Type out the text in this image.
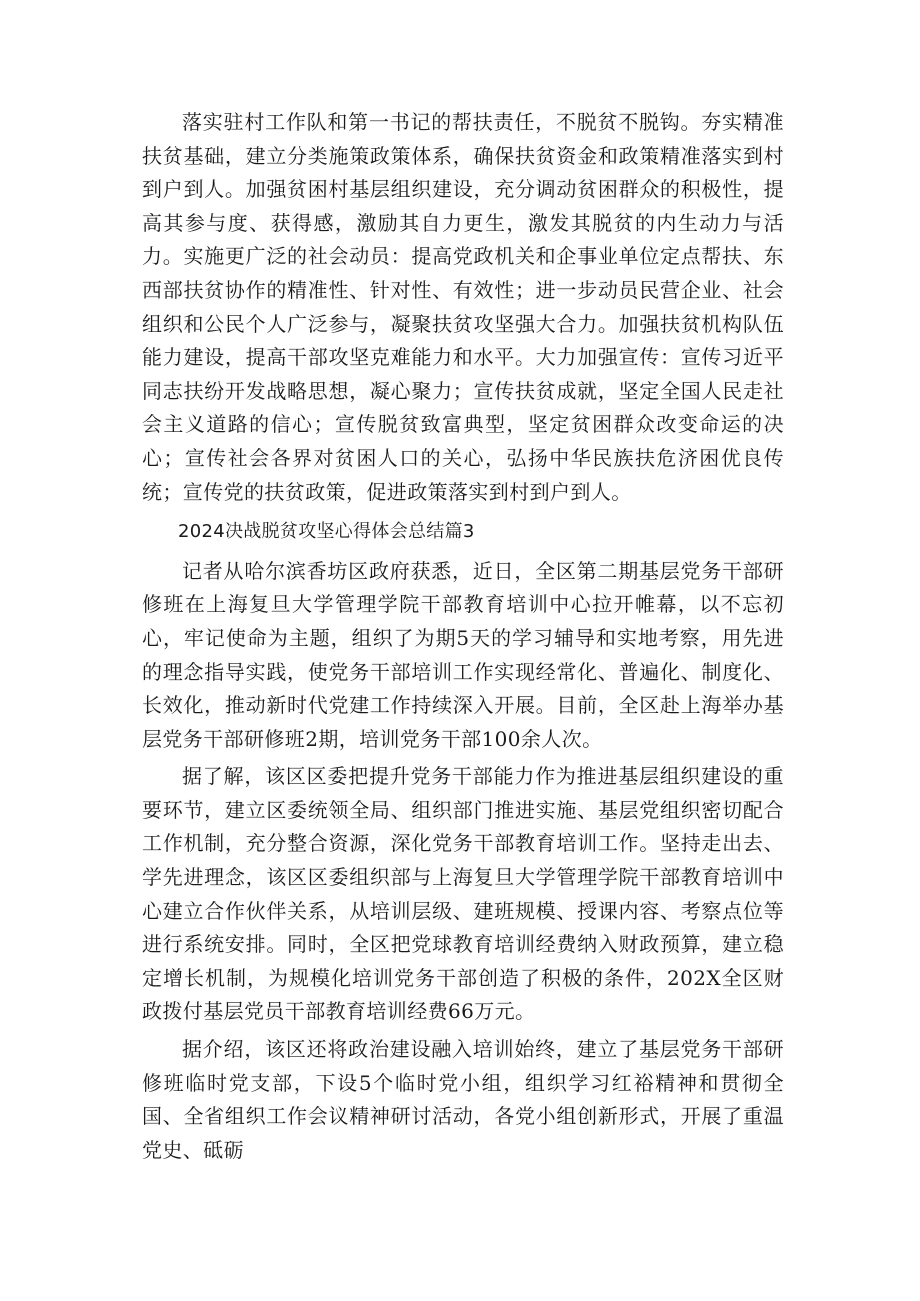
落实驻村工作队和第一书记的帮扶责任，不脱贫不脱钩。夯实精准扶贫基础，建立分类施策政策体系，确保扶贫资金和政策精准落实到村到户到人。加强贫困村基层组织建设，充分调动贫困群众的积极性，提高其参与度、获得感，激励其自力更生，激发其脱贫的内生动力与活力。实施更广泛的社会动员：提高党政机关和企事业单位定点帮扶、东西部扶贫协作的精准性、针对性、有效性；进一步动员民营企业、社会组织和公民个人广泛参与，凝聚扶贫攻坚强大合力。加强扶贫机构队伍能力建设，提高干部攻坚克难能力和水平。大力加强宣传：宣传习近平同志扶纷开发战略思想，凝心聚力；宣传扶贫成就，坚定全国人民走社会主义道路的信心；宣传脱贫致富典型，坚定贫困群众改变命运的决心；宣传社会各界对贫困人口的关心，弘扬中华民族扶危济困优良传统；宣传党的扶贫政策，促进政策落实到村到户到人。

2024决战脱贫攻坚心得体会总结篇3

记者从哈尔滨香坊区政府获悉，近日，全区第二期基层党务干部研修班在上海复旦大学管理学院干部教育培训中心拉开帷幕，以不忘初心，牢记使命为主题，组织了为期5天的学习辅导和实地考察，用先进的理念指导实践，使党务干部培训工作实现经常化、普遍化、制度化、长效化，推动新时代党建工作持续深入开展。目前，全区赴上海举办基层党务干部研修班2期，培训党务干部100余人次。

据了解，该区区委把提升党务干部能力作为推进基层组织建设的重要环节，建立区委统领全局、组织部门推进实施、基层党组织密切配合工作机制，充分整合资源，深化党务干部教育培训工作。坚持走出去、学先进理念，该区区委组织部与上海复旦大学管理学院干部教育培训中心建立合作伙伴关系，从培训层级、建班规模、授课内容、考察点位等进行系统安排。同时，全区把党球教育培训经费纳入财政预算，建立稳定增长机制，为规模化培训党务干部创造了积极的条件，202X全区财政拨付基层党员干部教育培训经费66万元。

据介绍，该区还将政治建设融入培训始终，建立了基层党务干部研修班临时党支部，下设5个临时党小组，组织学习红裕精神和贯彻全国、全省组织工作会议精神研讨活动，各党小组创新形式，开展了重温党史、砥砺
